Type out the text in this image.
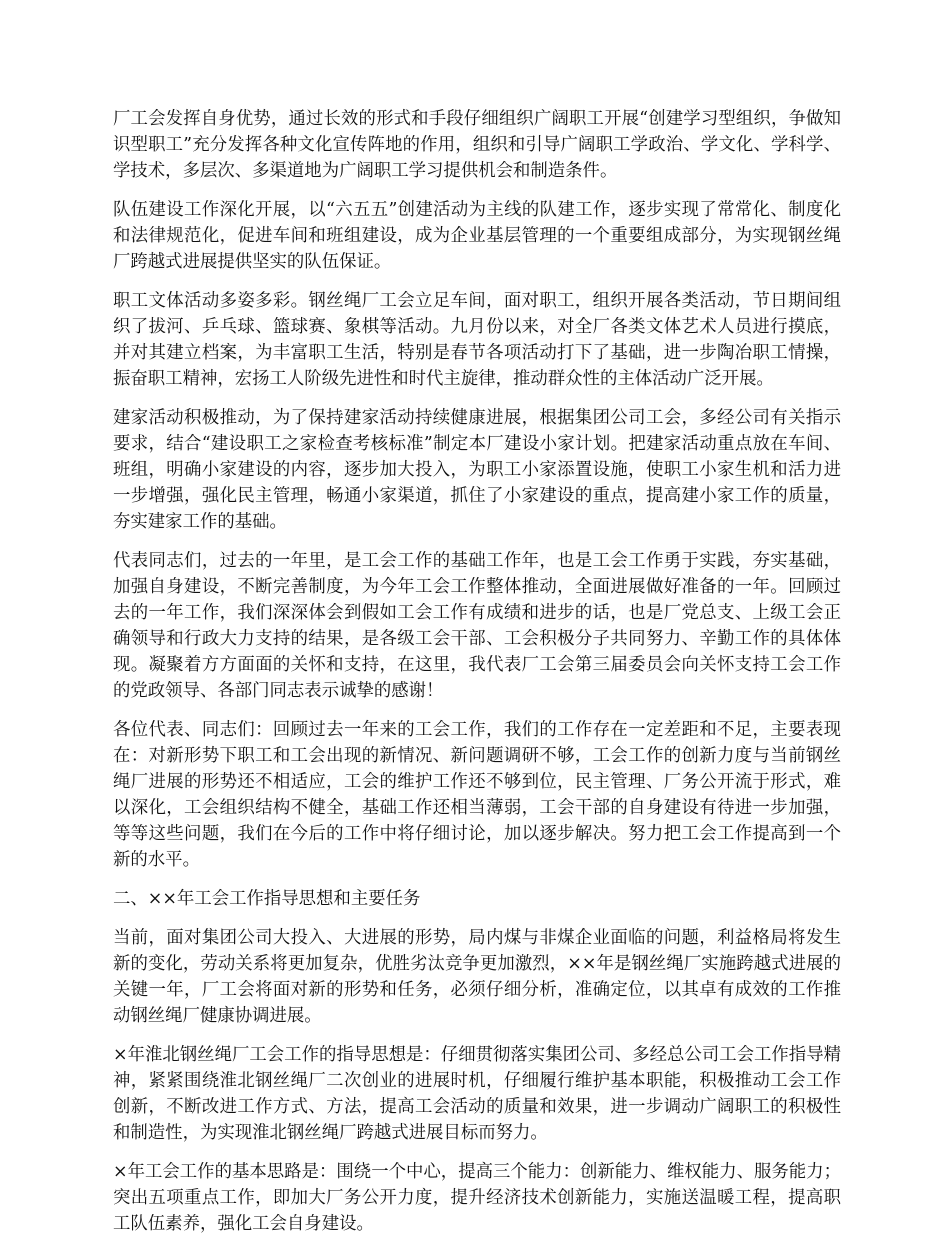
厂工会发挥自身优势，通过长效的形式和手段仔细组织广阔职工开展“创建学习型组织，争做知识型职工”充分发挥各种文化宣传阵地的作用，组织和引导广阔职工学政治、学文化、学科学、学技术，多层次、多渠道地为广阔职工学习提供机会和制造条件。

队伍建设工作深化开展，以“六五五”创建活动为主线的队建工作，逐步实现了常常化、制度化和法律规范化，促进车间和班组建设，成为企业基层管理的一个重要组成部分，为实现钢丝绳厂跨越式进展提供坚实的队伍保证。

职工文体活动多姿多彩。钢丝绳厂工会立足车间，面对职工，组织开展各类活动，节日期间组织了拔河、乒乓球、篮球赛、象棋等活动。九月份以来，对全厂各类文体艺术人员进行摸底，并对其建立档案，为丰富职工生活，特别是春节各项活动打下了基础，进一步陶冶职工情操，振奋职工精神，宏扬工人阶级先进性和时代主旋律，推动群众性的主体活动广泛开展。

建家活动积极推动，为了保持建家活动持续健康进展，根据集团公司工会，多经公司有关指示要求，结合“建设职工之家检查考核标准”制定本厂建设小家计划。把建家活动重点放在车间、班组，明确小家建设的内容，逐步加大投入，为职工小家添置设施，使职工小家生机和活力进一步增强，强化民主管理，畅通小家渠道，抓住了小家建设的重点，提高建小家工作的质量，夯实建家工作的基础。

代表同志们，过去的一年里，是工会工作的基础工作年，也是工会工作勇于实践，夯实基础，加强自身建设，不断完善制度，为今年工会工作整体推动，全面进展做好准备的一年。回顾过去的一年工作，我们深深体会到假如工会工作有成绩和进步的话，也是厂党总支、上级工会正确领导和行政大力支持的结果，是各级工会干部、工会积极分子共同努力、辛勤工作的具体体现。凝聚着方方面面的关怀和支持，在这里，我代表厂工会第三届委员会向关怀支持工会工作的党政领导、各部门同志表示诚挚的感谢！

各位代表、同志们：回顾过去一年来的工会工作，我们的工作存在一定差距和不足，主要表现在：对新形势下职工和工会出现的新情况、新问题调研不够，工会工作的创新力度与当前钢丝绳厂进展的形势还不相适应，工会的维护工作还不够到位，民主管理、厂务公开流于形式，难以深化，工会组织结构不健全，基础工作还相当薄弱，工会干部的自身建设有待进一步加强，等等这些问题，我们在今后的工作中将仔细讨论，加以逐步解决。努力把工会工作提高到一个新的水平。

二、××年工会工作指导思想和主要任务

当前，面对集团公司大投入、大进展的形势，局内煤与非煤企业面临的问题，利益格局将发生新的变化，劳动关系将更加复杂，优胜劣汰竞争更加激烈，××年是钢丝绳厂实施跨越式进展的关键一年，厂工会将面对新的形势和任务，必须仔细分析，准确定位，以其卓有成效的工作推动钢丝绳厂健康协调进展。

×年淮北钢丝绳厂工会工作的指导思想是：仔细贯彻落实集团公司、多经总公司工会工作指导精神，紧紧围绕淮北钢丝绳厂二次创业的进展时机，仔细履行维护基本职能，积极推动工会工作创新，不断改进工作方式、方法，提高工会活动的质量和效果，进一步调动广阔职工的积极性和制造性，为实现淮北钢丝绳厂跨越式进展目标而努力。

×年工会工作的基本思路是：围绕一个中心，提高三个能力：创新能力、维权能力、服务能力；突出五项重点工作，即加大厂务公开力度，提升经济技术创新能力，实施送温暖工程，提高职工队伍素养，强化工会自身建设。
